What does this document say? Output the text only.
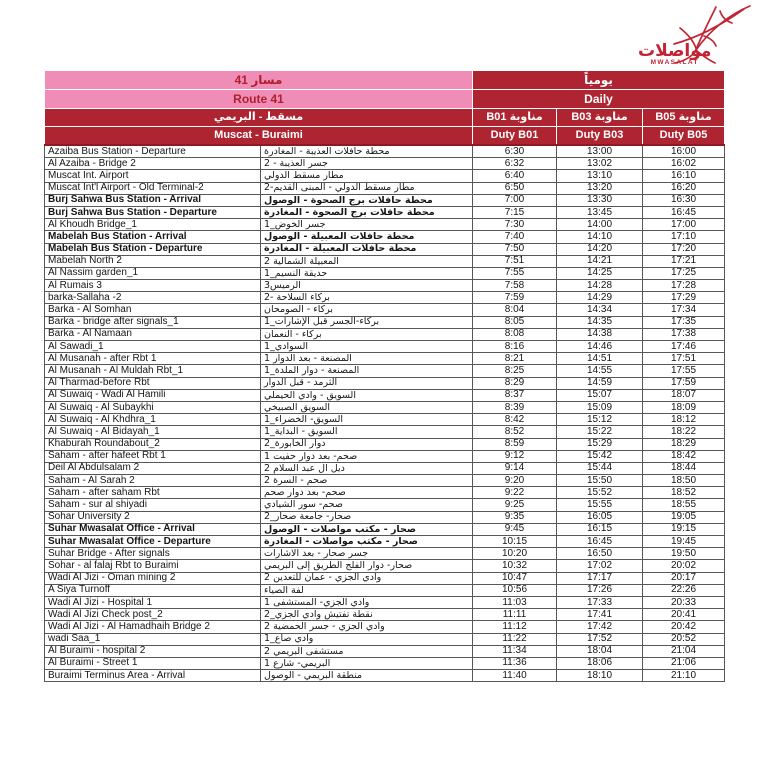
مواصلات
MWASALAT
مسار 41		يومياً		
Route 41		Daily		
مسقط - البريمي		مناوبة B01	مناوبة B03	مناوبة B05
Muscat - Buraimi		Duty B01	Duty B03	Duty B05
Azaiba Bus Station - Departure	محطة حافلات العذيبة - المغادرة	6:30	13:00	16:00
Al Azaiba - Bridge 2	جسر العذيبة - 2	6:32	13:02	16:02
Muscat Int. Airport	مطار مسقط الدولي	6:40	13:10	16:10
Muscat Int'l Airport - Old Terminal-2	مطار مسقط الدولي - المبنى القديم-2	6:50	13:20	16:20
Burj Sahwa Bus Station - Arrival	محطة حافلات برج الصحوة - الوصول	7:00	13:30	16:30
Burj Sahwa Bus Station - Departure	محطة حافلات برج الصحوة - المغادرة	7:15	13:45	16:45
Al Khoudh Bridge_1	جسر الخوض_1	7:30	14:00	17:00
Mabelah Bus Station - Arrival	محطة حافلات المعبيلة - الوصول	7:40	14:10	17:10
Mabelah Bus Station - Departure	محطة حافلات المعبيلة - المغادرة	7:50	14:20	17:20
Mabelah North 2	المعبيلة الشمالية 2	7:51	14:21	17:21
Al Nassim garden_1	حديقة النسيم_1	7:55	14:25	17:25
Al Rumais 3	الرميس3	7:58	14:28	17:28
barka-Sallaha -2	بركاء السلاحة -2	7:59	14:29	17:29
Barka - Al Somhan	بركاء - الصومحان	8:04	14:34	17:34
Barka - bridge after signals_1	بركاء-الجسر قبل الإشارات_1	8:05	14:35	17:35
Barka - Al Namaan	بركاء - النعمان	8:08	14:38	17:38
Al Sawadi_1	السوادي_1	8:16	14:46	17:46
Al Musanah - after Rbt 1	المصنعة - بعد الدوار 1	8:21	14:51	17:51
Al Musanah - Al Muldah Rbt_1	المصنعة - دوار الملدة_1	8:25	14:55	17:55
Al Tharmad-before Rbt	الثرمد - قبل الدوار	8:29	14:59	17:59
Al Suwaiq - Wadi Al Hamili	السويق - وادي الحيملي	8:37	15:07	18:07
Al Suwaiq - Al Subaykhi	السويق الصبيخي	8:39	15:09	18:09
Al Suwaiq - Al Khdhra_1	السويق- الخضراء_1	8:42	15:12	18:12
Al Suwaiq - Al Bidayah_1	السويق - البداية_1	8:52	15:22	18:22
Khaburah Roundabout_2	دوار الخابورة_2	8:59	15:29	18:29
Saham - after hafeet Rbt 1	صحم- بعد دوار حفيت 1	9:12	15:42	18:42
Deil Al Abdulsalam 2	ديل آل عبد السلام 2	9:14	15:44	18:44
Saham - Al Sarah 2	صحم - السرة 2	9:20	15:50	18:50
Saham - after saham Rbt	صحم- بعد دوار صحم	9:22	15:52	18:52
Saham - sur al shiyadi	صحم- سور الشيادي	9:25	15:55	18:55
Sohar University 2	صحار- جامعة صحار_2	9:35	16:05	19:05
Suhar Mwasalat Office - Arrival	صحار - مكتب مواصلات - الوصول	9:45	16:15	19:15
Suhar Mwasalat Office - Departure	صحار - مكتب مواصلات - المغادرة	10:15	16:45	19:45
Suhar Bridge - After signals	جسر صحار - بعد الاشارات	10:20	16:50	19:50
Sohar - al falaj Rbt to Buraimi	صحار- دوار الفلج الطريق إلى البريمي	10:32	17:02	20:02
Wadi Al Jizi - Oman mining 2	وادي الجزي - عمان للتعدين 2	10:47	17:17	20:17
A Siya Turnoff	لفة الصياء	10:56	17:26	22:26
Wadi Al Jizi - Hospital 1	وادي الجزي- المستشفى 1	11:03	17:33	20:33
Wadi Al Jizi Check post_2	نقطة تفتيش وادي الجزي_2	11:11	17:41	20:41
Wadi Al Jizi - Al Hamadhaih Bridge 2	وادي الجزي - جسر الحمضية 2	11:12	17:42	20:42
wadi Saa_1	وادي صاع_1	11:22	17:52	20:52
Al Buraimi - hospital 2	مستشفى البريمي 2	11:34	18:04	21:04
Al Buraimi - Street 1	البريمي- شارع 1	11:36	18:06	21:06
Buraimi Terminus Area - Arrival	منطقة البريمي - الوصول	11:40	18:10	21:10
